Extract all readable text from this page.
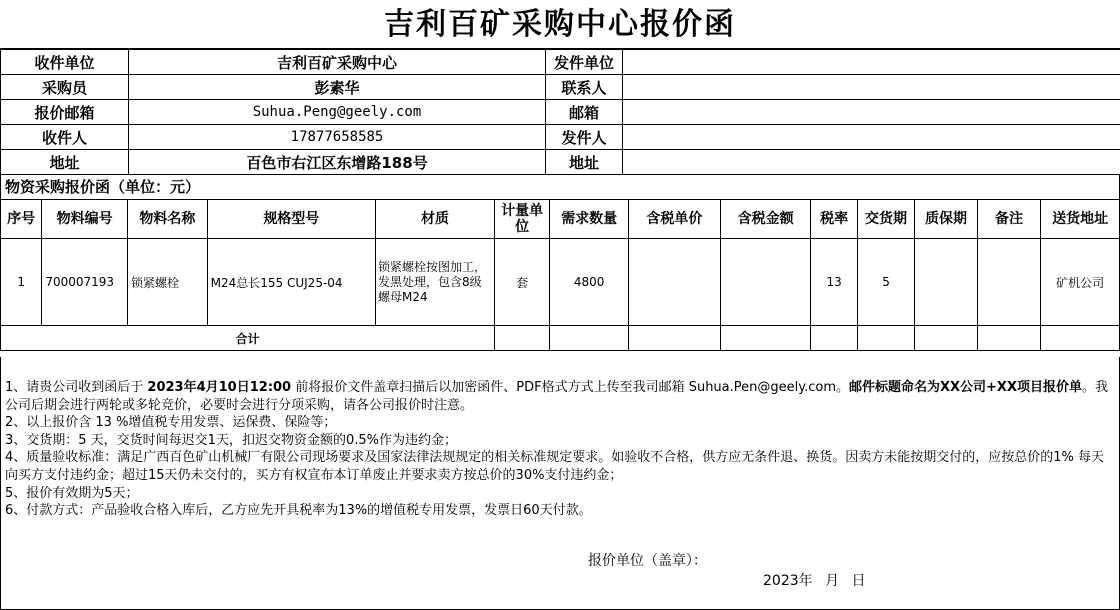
吉利百矿采购中心报价函
收件单位	吉利百矿采购中心	发件单位	
采购员	彭素华	联系人	
报价邮箱	Suhua.Peng@geely.com	邮箱	
收件人	17877658585	发件人	
地址	百色市右江区东增路188号	地址	
物资采购报价函（单位：元）
序号	物料编号	物料名称	规格型号	材质	计量单位	需求数量	含税单价	含税金额	税率	交货期	质保期	备注	送货地址
1	700007193	锁紧螺栓	M24总长155 CUJ25-04	锁紧螺栓按图加工，发黑处理，包含8级螺母M24	套	4800			13	5			矿机公司
合计													
1、请贵公司收到函后于 2023年4月10日12:00 前将报价文件盖章扫描后以加密函件、PDF格式方式上传至我司邮箱 Suhua.Pen@geely.com。邮件标题命名为XX公司+XX项目报价单。我公司后期会进行两轮或多轮竞价，必要时会进行分项采购，请各公司报价时注意。
2、以上报价含 13 %增值税专用发票、运保费、保险等；
3、交货期：5 天，交货时间每迟交1天，扣迟交物资金额的0.5%作为违约金；
4、质量验收标准：满足广西百色矿山机械厂有限公司现场要求及国家法律法规规定的相关标准规定要求。如验收不合格，供方应无条件退、换货。因卖方未能按期交付的，应按总价的1% 每天向买方支付违约金；超过15天仍未交付的，买方有权宣布本订单废止并要求卖方按总价的30%支付违约金；
5、报价有效期为5天；
6、付款方式：产品验收合格入库后，乙方应先开具税率为13%的增值税专用发票，发票日60天付款。
报价单位（盖章）：
2023年 月 日
